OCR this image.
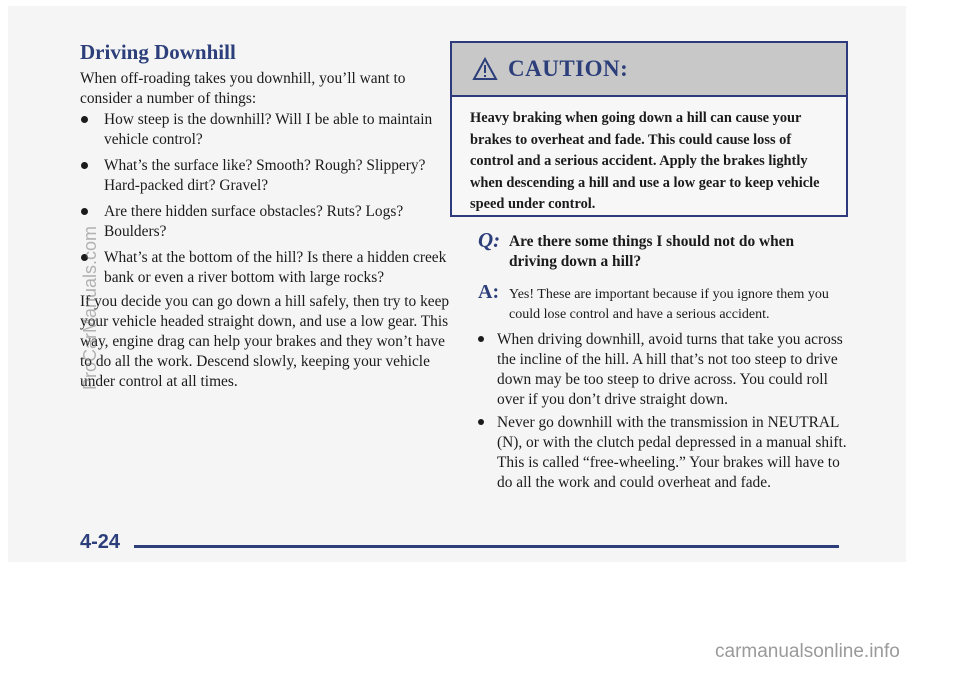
Driving Downhill

When off-roading takes you downhill, you’ll want to consider a number of things:

How steep is the downhill? Will I be able to maintain vehicle control?
What’s the surface like? Smooth? Rough? Slippery? Hard-packed dirt? Gravel?
Are there hidden surface obstacles? Ruts? Logs? Boulders?
What’s at the bottom of the hill? Is there a hidden creek bank or even a river bottom with large rocks?

If you decide you can go down a hill safely, then try to keep your vehicle headed straight down, and use a low gear. This way, engine drag can help your brakes and they won’t have to do all the work. Descend slowly, keeping your vehicle under control at all times.

CAUTION:

Heavy braking when going down a hill can cause your brakes to overheat and fade. This could cause loss of control and a serious accident. Apply the brakes lightly when descending a hill and use a low gear to keep vehicle speed under control.

Q: Are there some things I should not do when driving down a hill?

A: Yes! These are important because if you ignore them you could lose control and have a serious accident.

When driving downhill, avoid turns that take you across the incline of the hill. A hill that’s not too steep to drive down may be too steep to drive across. You could roll over if you don’t drive straight down.
Never go downhill with the transmission in NEUTRAL (N), or with the clutch pedal depressed in a manual shift. This is called “free-wheeling.” Your brakes will have to do all the work and could overheat and fade.
4-24
ProCarManuals.com
carmanualsonline.info
